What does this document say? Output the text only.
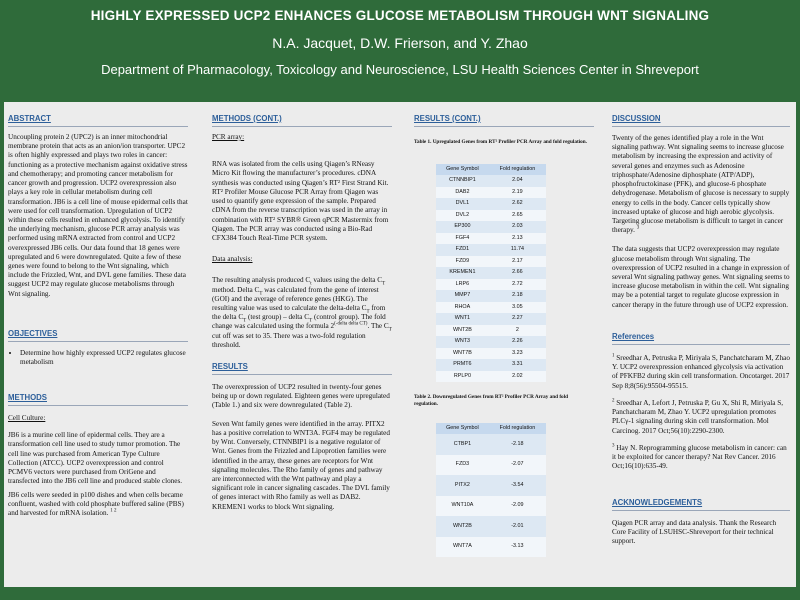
HIGHLY EXPRESSED UCP2 ENHANCES GLUCOSE METABOLISM THROUGH WNT SIGNALING
N.A. Jacquet, D.W. Frierson, and Y. Zhao
Department of Pharmacology, Toxicology and Neuroscience, LSU Health Sciences Center in Shreveport
ABSTRACT

Uncoupling protein 2 (UPC2) is an inner mitochondrial membrane protein that acts as an anion/ion transporter. UPC2 is often highly expressed and plays two roles in cancer: functioning as a protective mechanism against oxidative stress and chemotherapy; and promoting cancer metabolism for cancer growth and progression. UCP2 overexpression also plays a key role in cellular metabolism during cell transformation. JB6 is a cell line of mouse epidermal cells that were used for cell transformation. Upregulation of UCP2 within these cells resulted in enhanced glycolysis. To identify the underlying mechanism, glucose PCR array analysis was performed using mRNA extracted from control and UCP2 overexpressed JB6 cells. Our data found that 18 genes were upregulated and 6 were downregulated. Quite a few of these genes were found to belong to the Wnt signaling, which include the Frizzled, Wnt, and DVL gene families. These data suggest UCP2 may regulate glucose metabolisms through Wnt signaling.

OBJECTIVES
• Determine how highly expressed UCP2 regulates glucose metabolism
METHODS

Cell Culture:

JB6 is a murine cell line of epidermal cells. They are a transformation cell line used to study tumor promotion. The cell line was purchased from American Type Culture Collection (ATCC). UCP2 overexpression and control PCMV6 vectors were purchased from OriGene and transfected into the JB6 cell line and produced stable clones.

JB6 cells were seeded in p100 dishes and when cells became confluent, washed with cold phosphate buffered saline (PBS) and harvested for mRNA isolation. $^{1 2}$

METHODS (CONT.)

PCR array:

RNA was isolated from the cells using Qiagen’s RNeasy Micro Kit flowing the manufacturer’s procedures. cDNA synthesis was conducted using Qiagen’s RT² First Strand Kit. RT² Profiler Mouse Glucose PCR Array from Qiagen was used to quantify gene expression of the sample. Prepared cDNA from the reverse transcription was used in the array in combination with RT² SYBR® Green qPCR Mastermix from Qiagen. The PCR array was conducted using a Bio-Rad CFX384 Touch Real-Time PCR system.

Data analysis:

The resulting analysis produced $C_t$ values using the delta $C_T$ method. Delta $C_T$ was calculated from the gene of interest (GOI) and the average of reference genes (HKG). The resulting value was used to calculate the delta-delta $C_T$ from the delta $C_T$ (test group) – delta $C_T$ (control group). The fold change was calculated using the formula $2^{(-delta delta CT)}$. The $C_T$ cut off was set to 35. There was a two-fold regulation threshold.

RESULTS

The overexpression of UCP2 resulted in twenty-four genes being up or down regulated. Eighteen genes were upregulated (Table 1.) and six were downregulated (Table 2).

Seven Wnt family genes were identified in the array. PITX2 has a positive correlation to WNT3A. FGF4 may be regulated by Wnt. Conversely, CTNNBIP1 is a negative regulator of Wnt. Genes from the Frizzled and Lipoprotien families were identified in the array, these genes are receptors for Wnt signaling molecules. The Rho family of genes and pathway are interconnected with the Wnt pathway and play a significant role in cancer signaling cascades. The DVL family of genes interact with Rho family as well as DAB2. KREMEN1 works to block Wnt signaling.

RESULTS (CONT.)

Table 1. Upregulated Genes from RT² Profiler PCR Array and fold regulation.

Gene Symbol	Fold regulation
CTNNBIP1	2.04
DAB2	2.19
DVL1	2.62
DVL2	2.65
EP300	2.03
FGF4	2.13
FZD1	11.74
FZD9	2.17
KREMEN1	2.66
LRP6	2.72
MMP7	2.18
RHOA	3.05
WNT1	2.27
WNT2B	2
WNT3	2.26
WNT7B	3.23
PRMT6	3.31
RPLP0	2.02

Table 2. Downregulated Genes from RT² Profiler PCR Array and fold regulation.

Gene Symbol	Fold regulation
CTBP1	-2.18
FZD3	-2.07
PITX2	-3.54
WNT10A	-2.09
WNT2B	-2.01
WNT7A	-3.13
DISCUSSION

Twenty of the genes identified play a role in the Wnt signaling pathway. Wnt signaling seems to increase glucose metabolism by increasing the expression and activity of several genes and enzymes such as Adenosine triphosphate/Adenosine diphosphate (ATP/ADP), phosphofructokinase (PFK), and glucose-6 phosphate dehydrogenase. Metabolism of glucose is necessary to supply energy to cells in the body. Cancer cells typically show increased uptake of glucose and high aerobic glycolysis. Targeting glucose metabolism is difficult to target in cancer therapy. $^3$

The data suggests that UCP2 overexpression may regulate glucose metabolism through Wnt signaling. The overexpression of UCP2 resulted in a change in expression of several Wnt signaling pathway genes. Wnt signaling seems to increase glucose metabolism in within the cell. Wnt signaling may be a potential target to regulate glucose expression in cancer therapy in the future through use of UCP2 expression.

References

$^1$ Sreedhar A, Petruska P, Miriyala S, Panchatcharam M, Zhao Y. UCP2 overexpression enhanced glycolysis via activation of PFKFB2 during skin cell transformation. Oncotarget. 2017 Sep 8;8(56):95504-95515.

$^2$ Sreedhar A, Lefort J, Petruska P, Gu X, Shi R, Miriyala S, Panchatcharam M, Zhao Y. UCP2 upregulation promotes PLCγ-1 signaling during skin cell transformation. Mol Carcinog. 2017 Oct;56(10):2290-2300.

$^3$ Hay N. Reprogramming glucose metabolism in cancer: can it be exploited for cancer therapy? Nat Rev Cancer. 2016 Oct;16(10):635-49.

ACKNOWLEDGEMENTS

Qiagen PCR array and data analysis. Thank the Research Core Facility of LSUHSC-Shreveport for their technical support.
